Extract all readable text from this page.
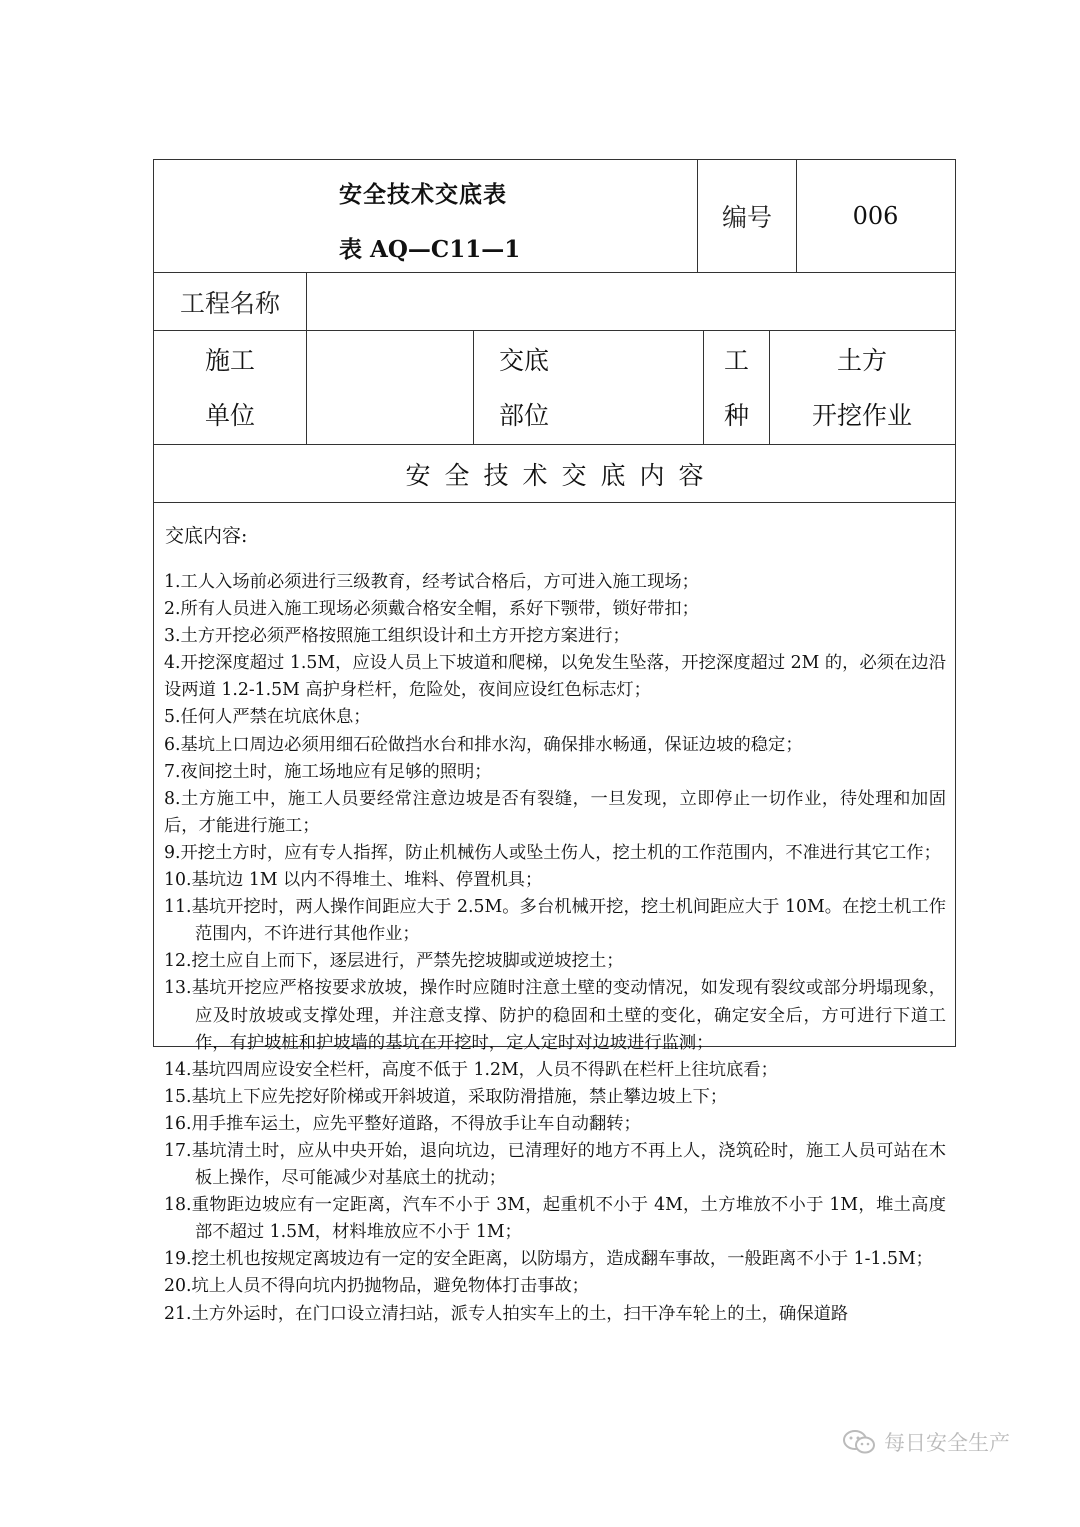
安全技术交底表
表 AQ—C11—1
编号	006
工程名称
施工
单位
交底
部位
工
种
土方
开挖作业
安全技术交底内容
交底内容:
1.工人入场前必须进行三级教育，经考试合格后，方可进入施工现场；
2.所有人员进入施工现场必须戴合格安全帽，系好下颚带，锁好带扣；
3.土方开挖必须严格按照施工组织设计和土方开挖方案进行；
4.开挖深度超过 1.5M，应设人员上下坡道和爬梯，以免发生坠落，开挖深度超过 2M 的，必须在边沿设两道 1.2-1.5M 高护身栏杆，危险处，夜间应设红色标志灯；
5.任何人严禁在坑底休息；
6.基坑上口周边必须用细石砼做挡水台和排水沟，确保排水畅通，保证边坡的稳定；
7.夜间挖土时，施工场地应有足够的照明；
8.土方施工中，施工人员要经常注意边坡是否有裂缝，一旦发现，立即停止一切作业，待处理和加固后，才能进行施工；
9.开挖土方时，应有专人指挥，防止机械伤人或坠土伤人，挖土机的工作范围内，不准进行其它工作；
10.基坑边 1M 以内不得堆土、堆料、停置机具；
11.基坑开挖时，两人操作间距应大于 2.5M。多台机械开挖，挖土机间距应大于 10M。在挖土机工作范围内，不许进行其他作业；
12.挖土应自上而下，逐层进行，严禁先挖坡脚或逆坡挖土；
13.基坑开挖应严格按要求放坡，操作时应随时注意土壁的变动情况，如发现有裂纹或部分坍塌现象，应及时放坡或支撑处理，并注意支撑、防护的稳固和土壁的变化，确定安全后，方可进行下道工作，有护坡桩和护坡墙的基坑在开挖时，定人定时对边坡进行监测；
14.基坑四周应设安全栏杆，高度不低于 1.2M，人员不得趴在栏杆上往坑底看；
15.基坑上下应先挖好阶梯或开斜坡道，采取防滑措施，禁止攀边坡上下；
16.用手推车运土，应先平整好道路，不得放手让车自动翻转；
17.基坑清土时，应从中央开始，退向坑边，已清理好的地方不再上人，浇筑砼时，施工人员可站在木板上操作，尽可能减少对基底土的扰动；
18.重物距边坡应有一定距离，汽车不小于 3M，起重机不小于 4M，土方堆放不小于 1M，堆土高度部不超过 1.5M，材料堆放应不小于 1M；
19.挖土机也按规定离坡边有一定的安全距离，以防塌方，造成翻车事故，一般距离不小于 1-1.5M；
20.坑上人员不得向坑内扔抛物品，避免物体打击事故；
21.土方外运时，在门口设立清扫站，派专人拍实车上的土，扫干净车轮上的土，确保道路
每日安全生产
